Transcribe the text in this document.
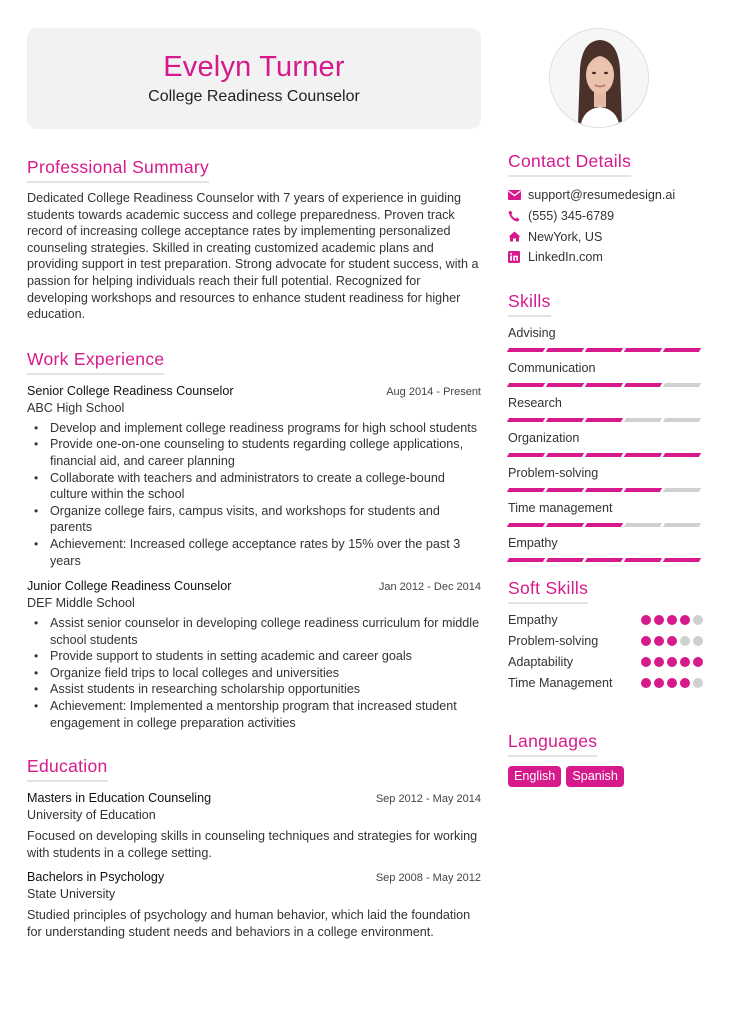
Evelyn Turner
College Readiness Counselor
Professional Summary

Dedicated College Readiness Counselor with 7 years of experience in guiding students towards academic success and college preparedness. Proven track record of increasing college acceptance rates by implementing personalized counseling strategies. Skilled in creating customized academic plans and providing support in test preparation. Strong advocate for student success, with a passion for helping individuals reach their full potential. Recognized for developing workshops and resources to enhance student readiness for higher education.

Work Experience
Senior College Readiness Counselor	Aug 2014 - Present
ABC High School
• Develop and implement college readiness programs for high school students
• Provide one-on-one counseling to students regarding college applications, financial aid, and career planning
• Collaborate with teachers and administrators to create a college-bound culture within the school
• Organize college fairs, campus visits, and workshops for students and parents
• Achievement: Increased college acceptance rates by 15% over the past 3 years
Junior College Readiness Counselor	Jan 2012 - Dec 2014
DEF Middle School
• Assist senior counselor in developing college readiness curriculum for middle school students
• Provide support to students in setting academic and career goals
• Organize field trips to local colleges and universities
• Assist students in researching scholarship opportunities
• Achievement: Implemented a mentorship program that increased student engagement in college preparation activities
Education
Masters in Education Counseling	Sep 2012 - May 2014
University of Education

Focused on developing skills in counseling techniques and strategies for working with students in a college setting.

Bachelors in Psychology	Sep 2008 - May 2012
State University

Studied principles of psychology and human behavior, which laid the foundation for understanding student needs and behaviors in a college environment.

Contact Details
support@resumedesign.ai
(555) 345-6789
NewYork, US
LinkedIn.com
Skills
Advising
Communication
Research
Organization
Problem-solving
Time management
Empathy
Soft Skills
Empathy
Problem-solving
Adaptability
Time Management
Languages
English	Spanish
